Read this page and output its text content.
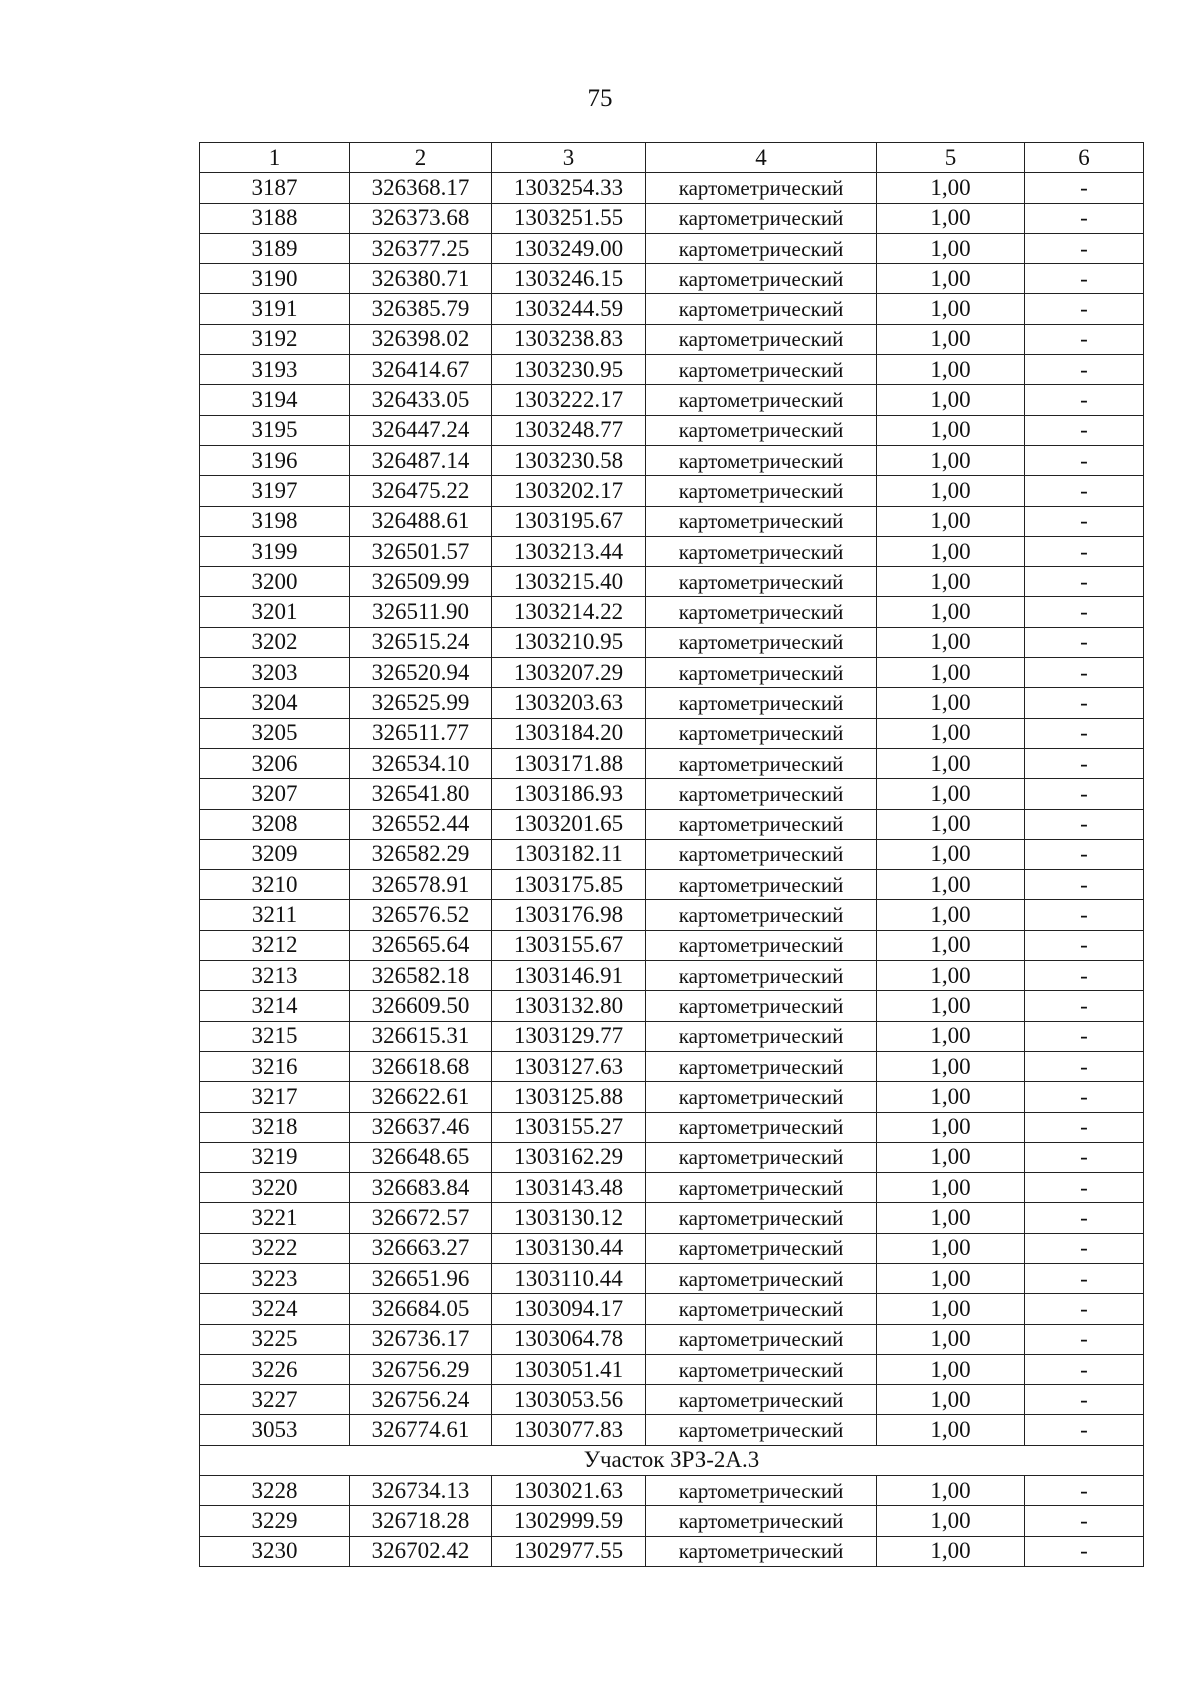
75
1	2	3	4	5	6
3187	326368.17	1303254.33	картометрический	1,00	-
3188	326373.68	1303251.55	картометрический	1,00	-
3189	326377.25	1303249.00	картометрический	1,00	-
3190	326380.71	1303246.15	картометрический	1,00	-
3191	326385.79	1303244.59	картометрический	1,00	-
3192	326398.02	1303238.83	картометрический	1,00	-
3193	326414.67	1303230.95	картометрический	1,00	-
3194	326433.05	1303222.17	картометрический	1,00	-
3195	326447.24	1303248.77	картометрический	1,00	-
3196	326487.14	1303230.58	картометрический	1,00	-
3197	326475.22	1303202.17	картометрический	1,00	-
3198	326488.61	1303195.67	картометрический	1,00	-
3199	326501.57	1303213.44	картометрический	1,00	-
3200	326509.99	1303215.40	картометрический	1,00	-
3201	326511.90	1303214.22	картометрический	1,00	-
3202	326515.24	1303210.95	картометрический	1,00	-
3203	326520.94	1303207.29	картометрический	1,00	-
3204	326525.99	1303203.63	картометрический	1,00	-
3205	326511.77	1303184.20	картометрический	1,00	-
3206	326534.10	1303171.88	картометрический	1,00	-
3207	326541.80	1303186.93	картометрический	1,00	-
3208	326552.44	1303201.65	картометрический	1,00	-
3209	326582.29	1303182.11	картометрический	1,00	-
3210	326578.91	1303175.85	картометрический	1,00	-
3211	326576.52	1303176.98	картометрический	1,00	-
3212	326565.64	1303155.67	картометрический	1,00	-
3213	326582.18	1303146.91	картометрический	1,00	-
3214	326609.50	1303132.80	картометрический	1,00	-
3215	326615.31	1303129.77	картометрический	1,00	-
3216	326618.68	1303127.63	картометрический	1,00	-
3217	326622.61	1303125.88	картометрический	1,00	-
3218	326637.46	1303155.27	картометрический	1,00	-
3219	326648.65	1303162.29	картометрический	1,00	-
3220	326683.84	1303143.48	картометрический	1,00	-
3221	326672.57	1303130.12	картометрический	1,00	-
3222	326663.27	1303130.44	картометрический	1,00	-
3223	326651.96	1303110.44	картометрический	1,00	-
3224	326684.05	1303094.17	картометрический	1,00	-
3225	326736.17	1303064.78	картометрический	1,00	-
3226	326756.29	1303051.41	картометрический	1,00	-
3227	326756.24	1303053.56	картометрический	1,00	-
3053	326774.61	1303077.83	картометрический	1,00	-
Участок ЗРЗ-2А.3					
3228	326734.13	1303021.63	картометрический	1,00	-
3229	326718.28	1302999.59	картометрический	1,00	-
3230	326702.42	1302977.55	картометрический	1,00	-
